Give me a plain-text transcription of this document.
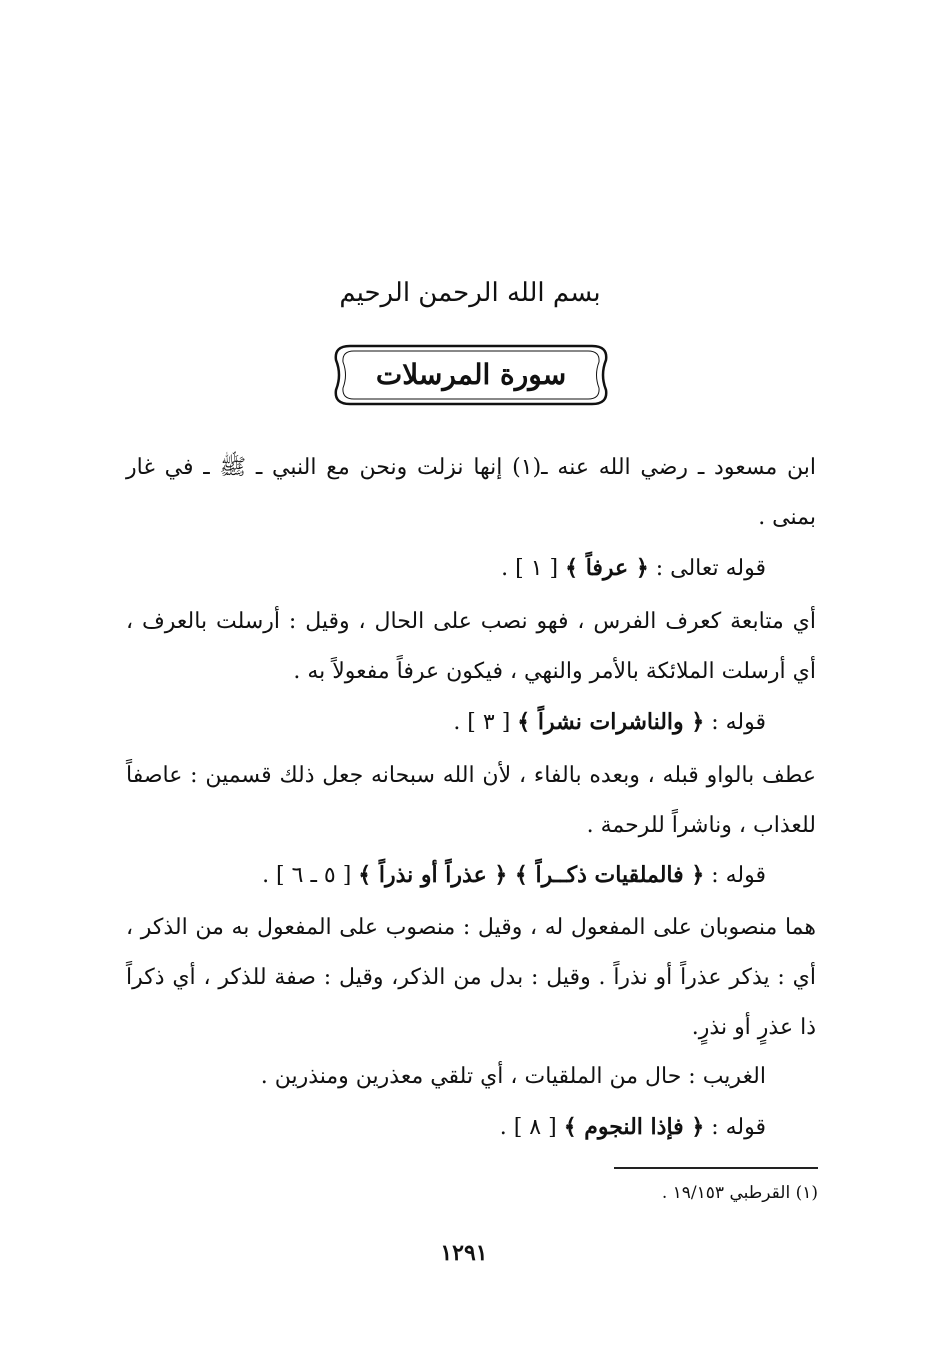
بسم الله الرحمن الرحيم
سورة المرسلات
ابن مسعود ـ رضي الله عنه ـ(١) إنها نزلت ونحن مع النبي ـ ﷺ ـ في غار بمنى .
قوله تعالى : ﴿ عرفاً ﴾ [ ١ ] .
أي متابعة كعرف الفرس ، فهو نصب على الحال ، وقيل : أرسلت بالعرف ، أي أرسلت الملائكة بالأمر والنهي ، فيكون عرفاً مفعولاً به .
قوله : ﴿ والناشرات نشراً ﴾ [ ٣ ] .
عطف بالواو قبله ، وبعده بالفاء ، لأن الله سبحانه جعل ذلك قسمين : عاصفاً للعذاب ، وناشراً للرحمة .
قوله : ﴿ فالملقيات ذكــراً ﴾ ﴿ عذراً أو نذراً ﴾ [ ٥ ـ ٦ ] .
هما منصوبان على المفعول له ، وقيل : منصوب على المفعول به من الذكر ، أي : يذكر عذراً أو نذراً . وقيل : بدل من الذكر، وقيل : صفة للذكر ، أي ذكراً ذا عذرٍ أو نذرٍ.
الغريب : حال من الملقيات ، أي تلقي معذرين ومنذرين .
قوله : ﴿ فإذا النجوم ﴾ [ ٨ ] .
(١) القرطبي ١٩/١٥٣ .
١٢٩١
